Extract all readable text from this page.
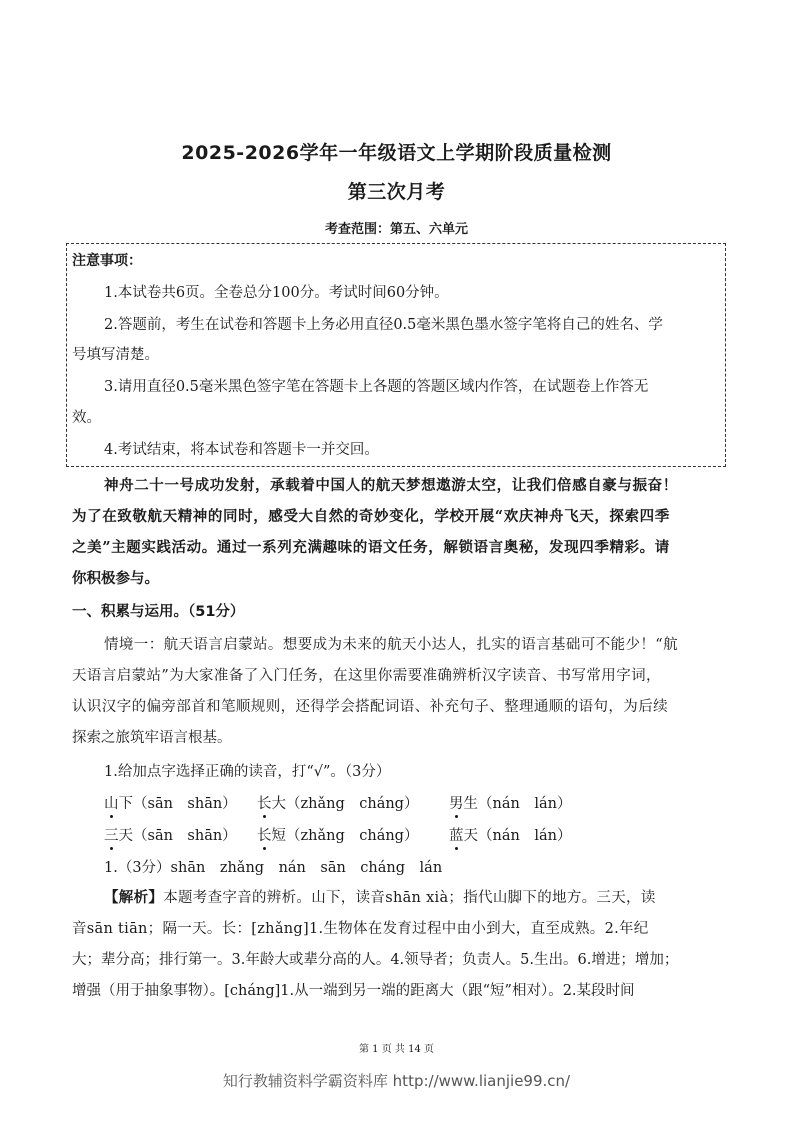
2025-2026学年一年级语文上学期阶段质量检测
第三次月考
考查范围：第五、六单元
注意事项：
1.本试卷共6页。全卷总分100分。考试时间60分钟。
2.答题前，考生在试卷和答题卡上务必用直径0.5毫米黑色墨水签字笔将自己的姓名、学
号填写清楚。
3.请用直径0.5毫米黑色签字笔在答题卡上各题的答题区域内作答，在试题卷上作答无
效。
4.考试结束，将本试卷和答题卡一并交回。
神舟二十一号成功发射，承载着中国人的航天梦想遨游太空，让我们倍感自豪与振奋！
为了在致敬航天精神的同时，感受大自然的奇妙变化，学校开展“欢庆神舟飞天，探索四季
之美”主题实践活动。通过一系列充满趣味的语文任务，解锁语言奥秘，发现四季精彩。请
你积极参与。
一、积累与运用。（51分）
情境一：航天语言启蒙站。想要成为未来的航天小达人，扎实的语言基础可不能少！“航
天语言启蒙站”为大家准备了入门任务，在这里你需要准确辨析汉字读音、书写常用字词，
认识汉字的偏旁部首和笔顺规则，还得学会搭配词语、补充句子、整理通顺的语句，为后续
探索之旅筑牢语言根基。
1.给加点字选择正确的读音，打“√”。（3分）
山下（sān　shān） 长大（zhǎng　cháng） 男生（nán　lán）
三天（sān　shān） 长短（zhǎng　cháng） 蓝天（nán　lán）
1.（3分）shān　zhǎng　nán　sān　cháng　lán
【解析】本题考查字音的辨析。山下，读音shān xià；指代山脚下的地方。三天，读
音sān tiān；隔一天。长：[zhǎng]1.生物体在发育过程中由小到大，直至成熟。2.年纪
大；辈分高；排行第一。3.年龄大或辈分高的人。4.领导者；负责人。5.生出。6.增进；增加；
增强（用于抽象事物）。[cháng]1.从一端到另一端的距离大（跟“短”相对）。2.某段时间
第 1 页 共 14 页
知行教辅资料学霸资料库 http://www.lianjie99.cn/
